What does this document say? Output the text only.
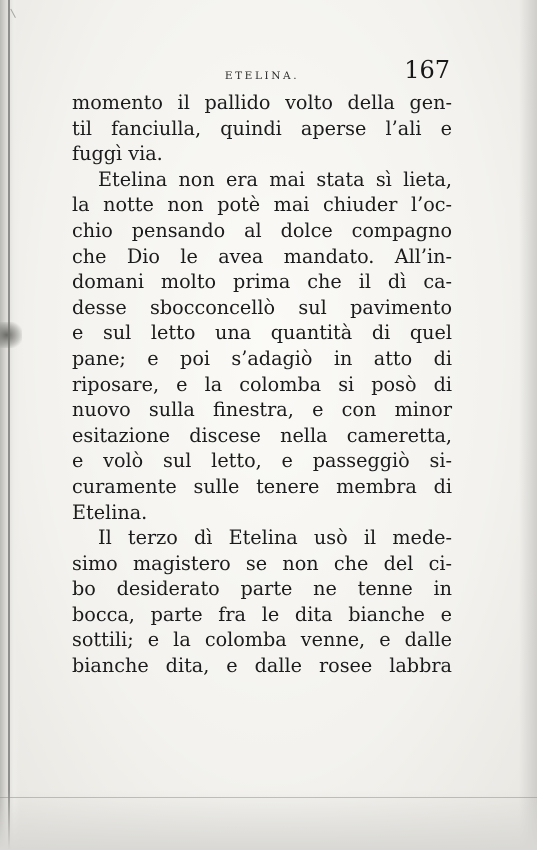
ETELINA.	167
momento il pallido volto della gen-
til fanciulla, quindi aperse l’ali e
fuggì via.
Etelina non era mai stata sì lieta,
la notte non potè mai chiuder l’oc-
chio pensando al dolce compagno
che Dio le avea mandato. All’in-
domani molto prima che il dì ca-
desse sbocconcellò sul pavimento
e sul letto una quantità di quel
pane; e poi s’adagiò in atto di
riposare, e la colomba si posò di
nuovo sulla finestra, e con minor
esitazione discese nella cameretta,
e volò sul letto, e passeggiò si-
curamente sulle tenere membra di
Etelina.
Il terzo dì Etelina usò il mede-
simo magistero se non che del ci-
bo desiderato parte ne tenne in
bocca, parte fra le dita bianche e
sottili; e la colomba venne, e dalle
bianche dita, e dalle rosee labbra
